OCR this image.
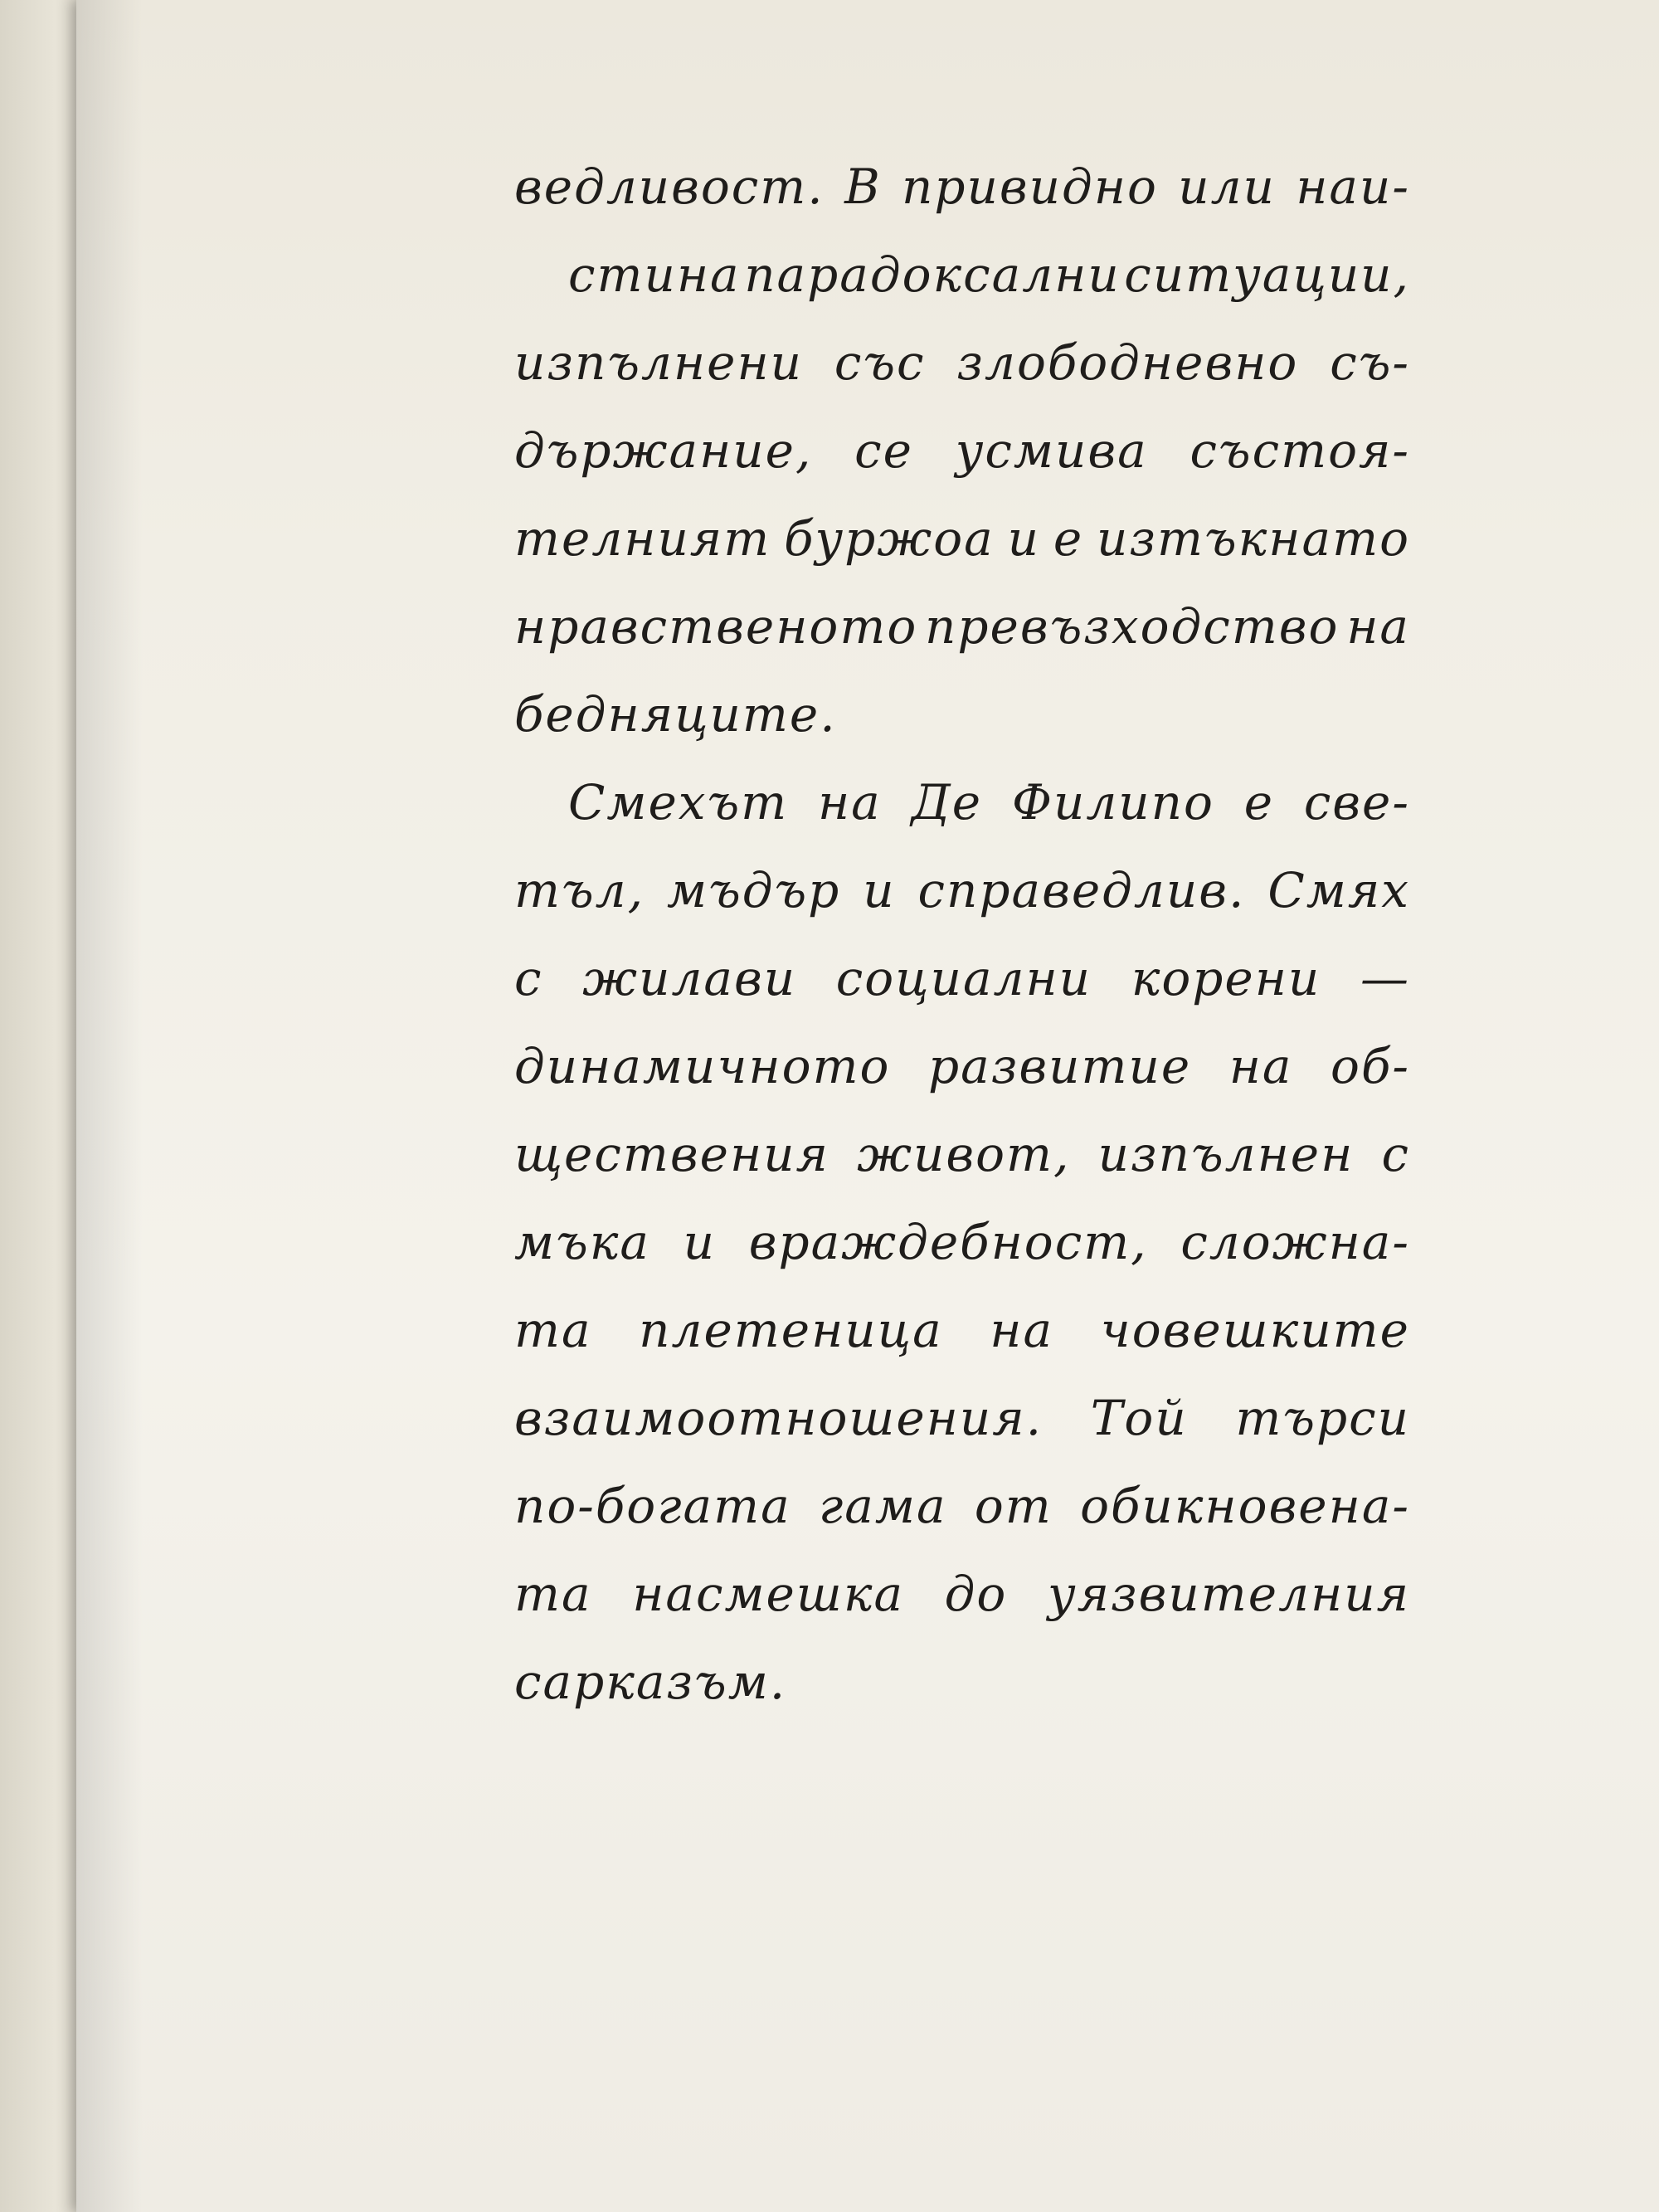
ведливост. В привидно или наи-
стина парадоксални ситуации,
изпълнени със злободневно съ-
държание, се усмива състоя-
телният буржоа и е изтъкнато
нравственото превъзходство на
бедняците.
Смехът на Де Филипо е све-
тъл, мъдър и справедлив. Смях
с жилави социални корени —
динамичното развитие на об-
ществения живот, изпълнен с
мъка и враждебност, сложна-
та плетеница на човешките
взаимоотношения. Той търси
по-богата гама от обикновена-
та насмешка до уязвителния
сарказъм.
